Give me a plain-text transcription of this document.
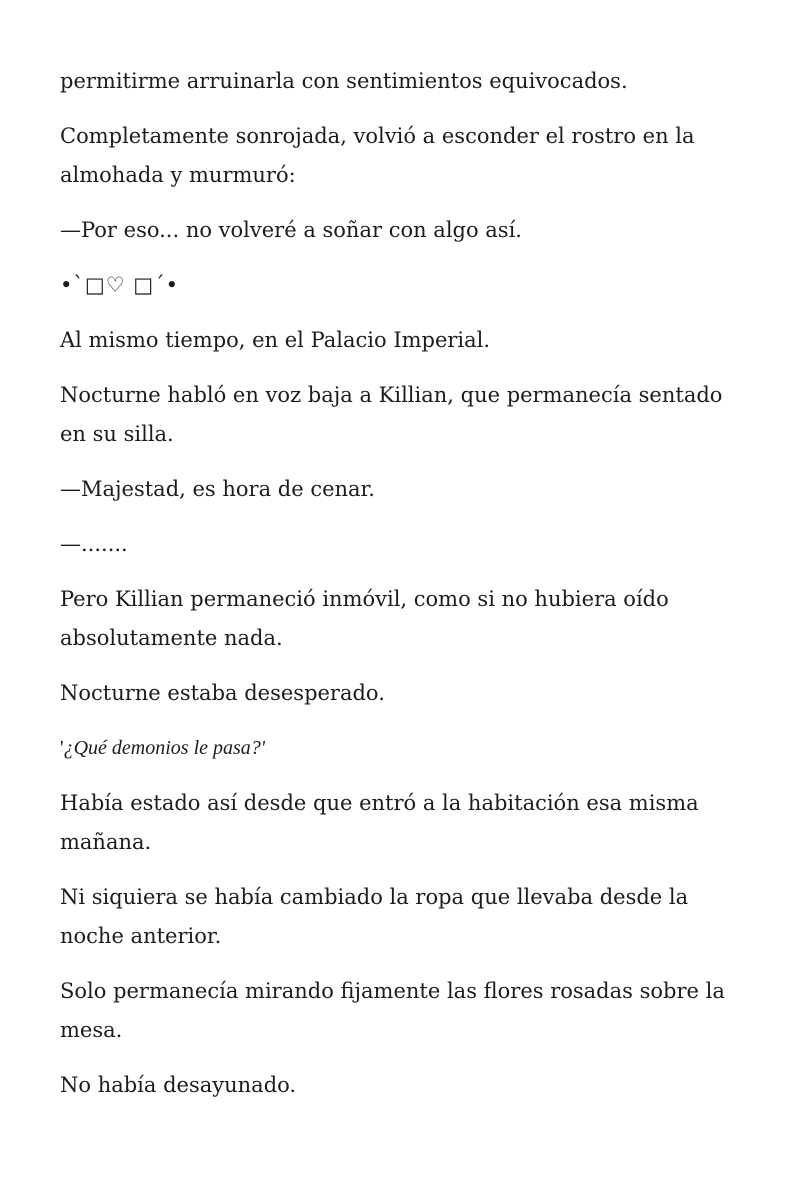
permitirme arruinarla con sentimientos equivocados.

Completamente sonrojada, volvió a esconder el rostro en la almohada y murmuró:

—Por eso... no volveré a soñar con algo así.

•`□♡ □´•

Al mismo tiempo, en el Palacio Imperial.

Nocturne habló en voz baja a Killian, que permanecía sentado en su silla.

—Majestad, es hora de cenar.

—.......

Pero Killian permaneció inmóvil, como si no hubiera oído absolutamente nada.

Nocturne estaba desesperado.

'¿Qué demonios le pasa?'

Había estado así desde que entró a la habitación esa misma mañana.

Ni siquiera se había cambiado la ropa que llevaba desde la noche anterior.

Solo permanecía mirando fijamente las flores rosadas sobre la mesa.

No había desayunado.
